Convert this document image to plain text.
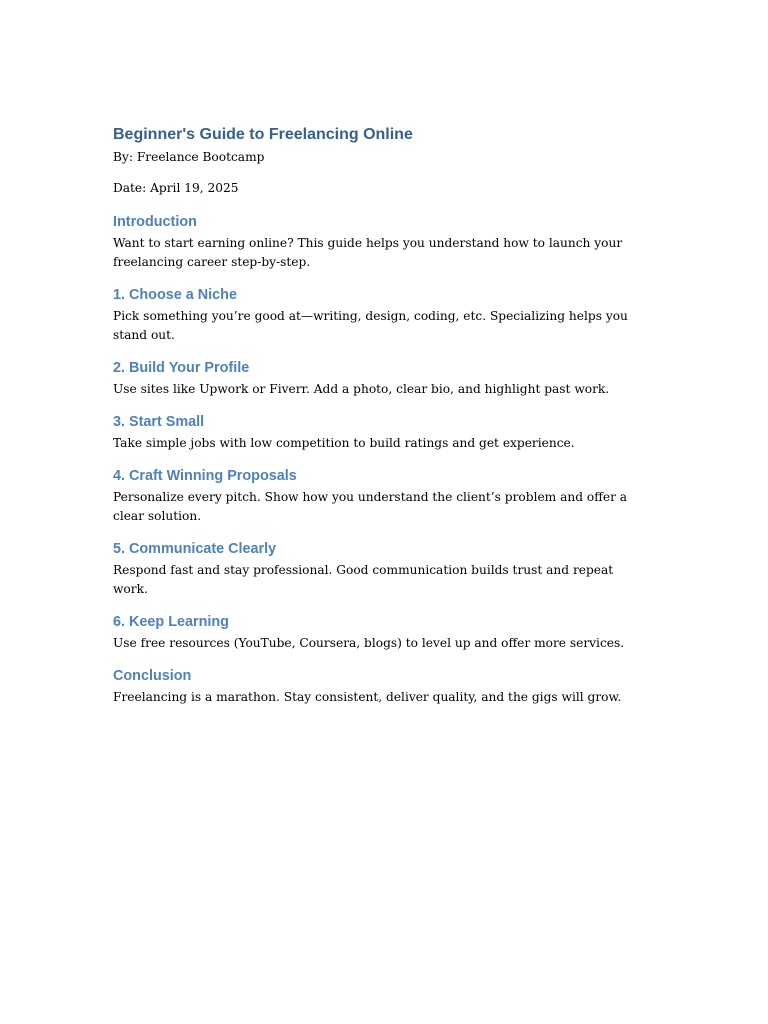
Beginner's Guide to Freelancing Online

By: Freelance Bootcamp

Date: April 19, 2025

Introduction

Want to start earning online? This guide helps you understand how to launch your freelancing career step-by-step.

1. Choose a Niche

Pick something you’re good at—writing, design, coding, etc. Specializing helps you stand out.

2. Build Your Profile

Use sites like Upwork or Fiverr. Add a photo, clear bio, and highlight past work.

3. Start Small

Take simple jobs with low competition to build ratings and get experience.

4. Craft Winning Proposals

Personalize every pitch. Show how you understand the client’s problem and offer a clear solution.

5. Communicate Clearly

Respond fast and stay professional. Good communication builds trust and repeat work.

6. Keep Learning

Use free resources (YouTube, Coursera, blogs) to level up and offer more services.

Conclusion

Freelancing is a marathon. Stay consistent, deliver quality, and the gigs will grow.
